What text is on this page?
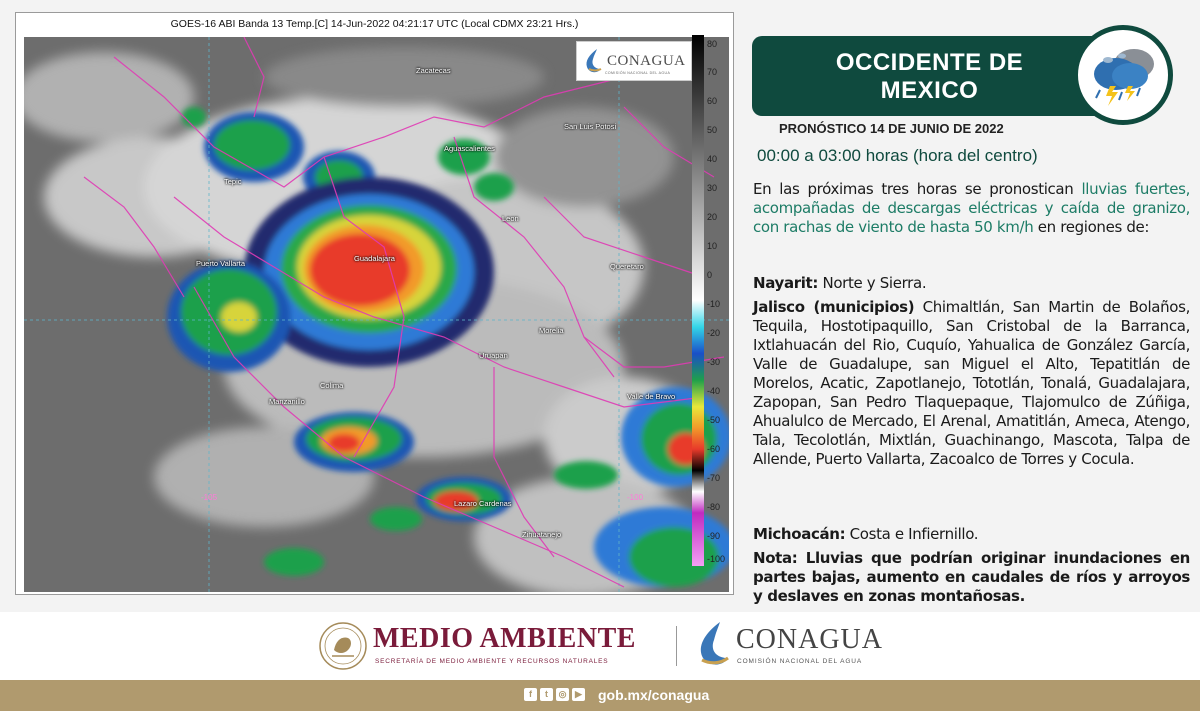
GOES-16 ABI Banda 13 Temp.[C] 14-Jun-2022 04:21:17 UTC (Local CDMX 23:21 Hrs.)
Zacatecas
San Luis Potosi
Aguascalientes
Tepic
Leon
Guadalajara
Puerto Vallarta	Queretaro
Morelia
Uruapan
Colima
Manzanillo
Valle de Bravo
Lazaro Cardenas
Zihuatanejo
-105	-100
CONAGUA
COMISIÓN NACIONAL DEL AGUA
80
70
60
50
40
30
20
10
0
-10
-20
-30
-40
-50
-60
-70
-80
-90
-100
OCCIDENTE DE
MEXICO
PRONÓSTICO 14 DE JUNIO DE 2022
00:00 a 03:00 horas (hora del centro)
En las próximas tres horas se pronostican lluvias fuertes, acompañadas de descargas eléctricas y caída de granizo, con rachas de viento de hasta 50 km/h en regiones de:
Nayarit: Norte y Sierra.
Jalisco (municipios) Chimaltlán, San Martin de Bolaños, Tequila, Hostotipaquillo, San Cristobal de la Barranca, Ixtlahuacán del Rio, Cuquío, Yahualica de González García, Valle de Guadalupe, san Miguel el Alto, Tepatitlán de Morelos, Acatic, Zapotlanejo, Tototlán, Tonalá, Guadalajara, Zapopan, San Pedro Tlaquepaque, Tlajomulco de Zúñiga, Ahualulco de Mercado, El Arenal, Amatitlán, Ameca, Atengo, Tala, Tecolotlán, Mixtlán, Guachinango, Mascota, Talpa de Allende, Puerto Vallarta, Zacoalco de Torres y Cocula.
Michoacán: Costa e Infiernillo.
Nota: Lluvias que podrían originar inundaciones en partes bajas, aumento en caudales de ríos y arroyos y deslaves en zonas montañosas.
MEDIO AMBIENTE
SECRETARÍA DE MEDIO AMBIENTE Y RECURSOS NATURALES
CONAGUA
COMISIÓN NACIONAL DEL AGUA
f	t	◎ ▶ gob.mx/conagua
